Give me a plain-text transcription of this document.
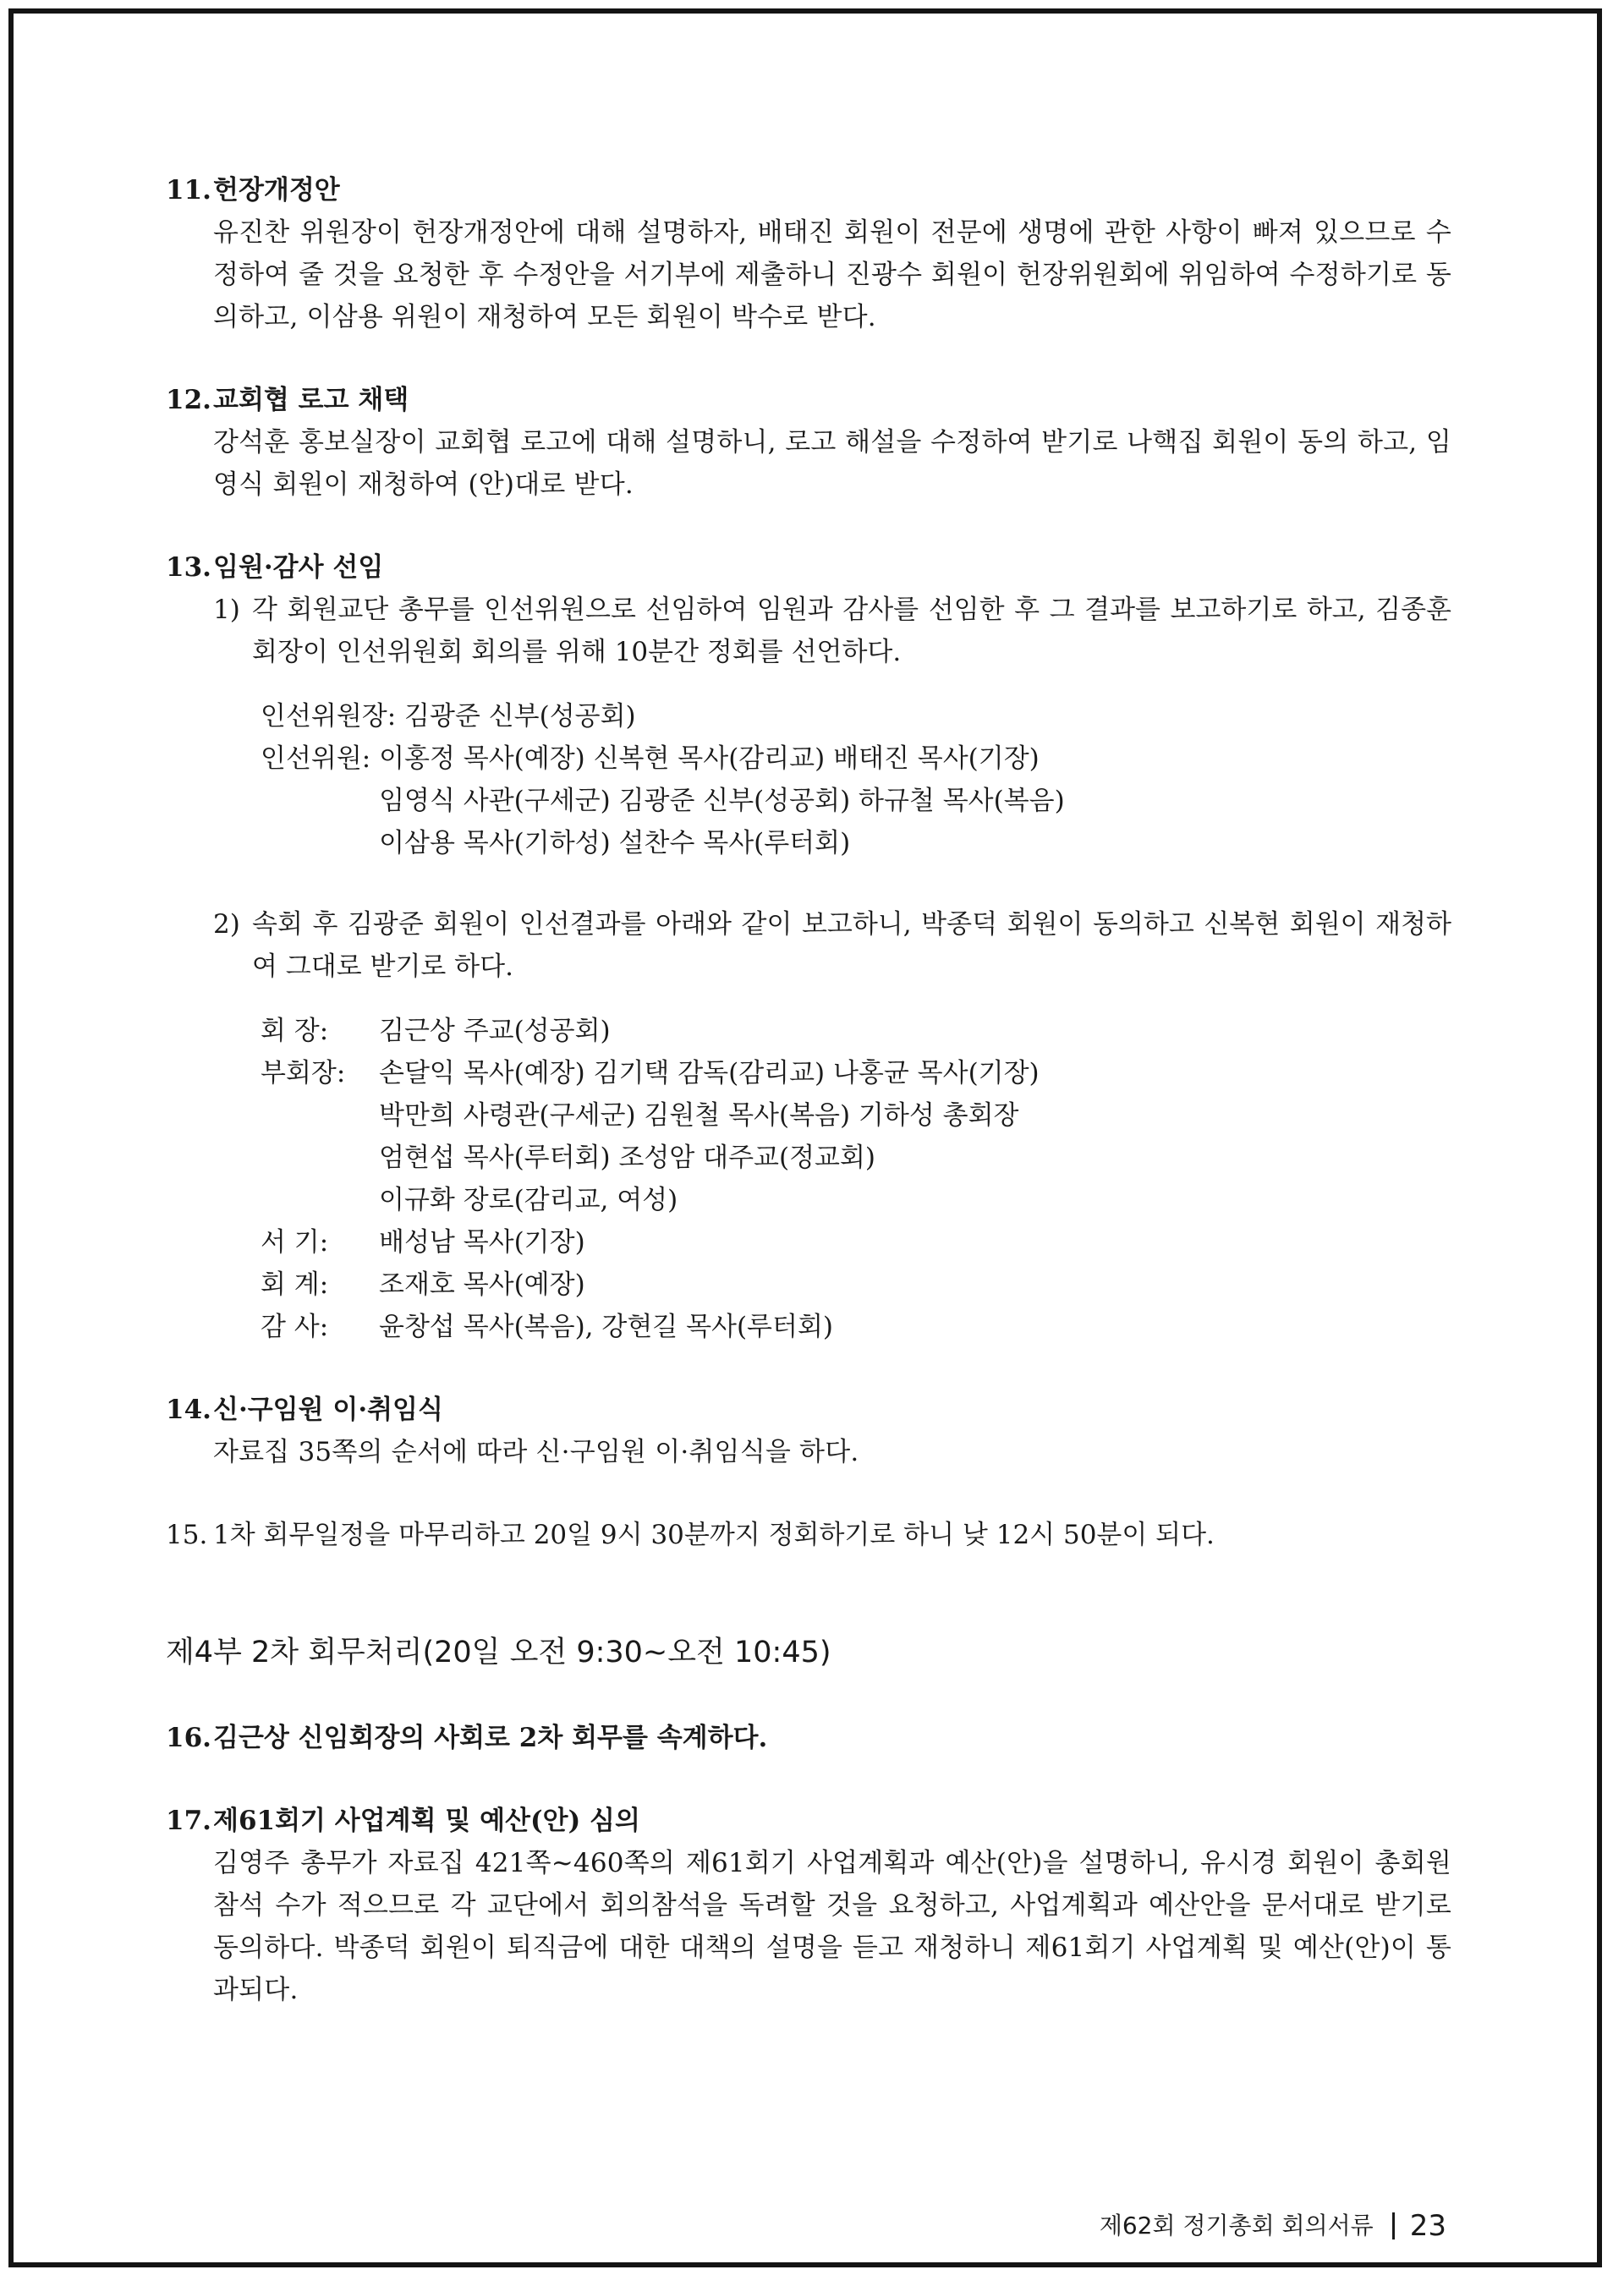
11.헌장개정안

유진찬 위원장이 헌장개정안에 대해 설명하자, 배태진 회원이 전문에 생명에 관한 사항이 빠져 있으므로 수정하여 줄 것을 요청한 후 수정안을 서기부에 제출하니 진광수 회원이 헌장위원회에 위임하여 수정하기로 동의하고, 이삼용 위원이 재청하여 모든 회원이 박수로 받다.

12.교회협 로고 채택

강석훈 홍보실장이 교회협 로고에 대해 설명하니, 로고 해설을 수정하여 받기로 나핵집 회원이 동의 하고, 임영식 회원이 재청하여 (안)대로 받다.

13.임원·감사 선임

1) 각 회원교단 총무를 인선위원으로 선임하여 임원과 감사를 선임한 후 그 결과를 보고하기로 하고, 김종훈 회장이 인선위원회 회의를 위해 10분간 정회를 선언하다.

인선위원장: 김광준 신부(성공회)
인선위원: 이홍정 목사(예장) 신복현 목사(감리교) 배태진 목사(기장)
임영식 사관(구세군) 김광준 신부(성공회) 하규철 목사(복음)
이삼용 목사(기하성) 설찬수 목사(루터회)

2) 속회 후 김광준 회원이 인선결과를 아래와 같이 보고하니, 박종덕 회원이 동의하고 신복현 회원이 재청하여 그대로 받기로 하다.

회 장:	김근상 주교(성공회)
부회장: 손달익 목사(예장) 김기택 감독(감리교) 나홍균 목사(기장)
박만희 사령관(구세군) 김원철 목사(복음) 기하성 총회장
엄현섭 목사(루터회) 조성암 대주교(정교회)
이규화 장로(감리교, 여성)
서 기:	배성남 목사(기장)
회 계:	조재호 목사(예장)
감 사:	윤창섭 목사(복음), 강현길 목사(루터회)

14.신·구임원 이·취임식

자료집 35쪽의 순서에 따라 신·구임원 이·취임식을 하다.

15. 1차 회무일정을 마무리하고 20일 9시 30분까지 정회하기로 하니 낮 12시 50분이 되다.

제4부 2차 회무처리(20일 오전 9:30~오전 10:45)

16.김근상 신임회장의 사회로 2차 회무를 속계하다.

17.제61회기 사업계획 및 예산(안) 심의

김영주 총무가 자료집 421쪽~460쪽의 제61회기 사업계획과 예산(안)을 설명하니, 유시경 회원이 총회원 참석 수가 적으므로 각 교단에서 회의참석을 독려할 것을 요청하고, 사업계획과 예산안을 문서대로 받기로 동의하다. 박종덕 회원이 퇴직금에 대한 대책의 설명을 듣고 재청하니 제61회기 사업계획 및 예산(안)이 통과되다.

제62회 정기총회 회의서류 23
